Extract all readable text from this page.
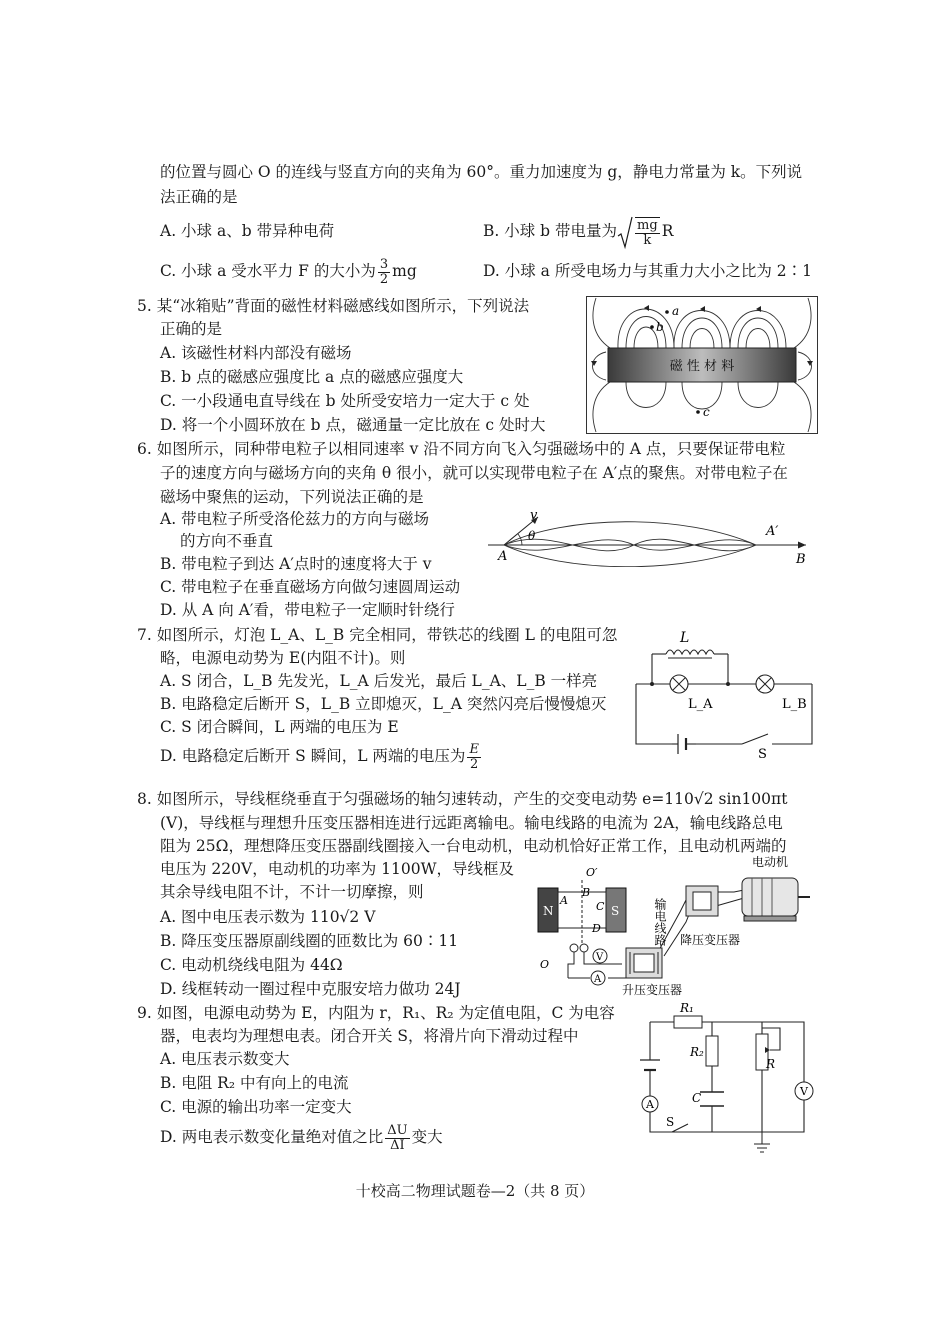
的位置与圆心 O 的连线与竖直方向的夹角为 60°。重力加速度为 g，静电力常量为 k。下列说
法正确的是
A. 小球 a、b 带异种电荷	B. 小球 b 带电量为 $\frac{mg}{k}$ R
C. 小球 a 受水平力 F 的大小为 $\frac{3}{2}$ mg	D. 小球 a 所受电场力与其重力大小之比为 2∶1
5. 某“冰箱贴”背面的磁性材料磁感线如图所示，下列说法
正确的是
A. 该磁性材料内部没有磁场
B. b 点的磁感应强度比 a 点的磁感应强度大
C. 一小段通电直导线在 b 处所受安培力一定大于 c 处
D. 将一个小圆环放在 b 点，磁通量一定比放在 c 处时大
磁 性 材 料
a
b
c
6. 如图所示，同种带电粒子以相同速率 v 沿不同方向飞入匀强磁场中的 A 点，只要保证带电粒
子的速度方向与磁场方向的夹角 θ 很小，就可以实现带电粒子在 A′点的聚焦。对带电粒子在
磁场中聚焦的运动，下列说法正确的是
A. 带电粒子所受洛伦兹力的方向与磁场
的方向不垂直
B. 带电粒子到达 A′点时的速度将大于 v
C. 带电粒子在垂直磁场方向做匀速圆周运动
D. 从 A 向 A′看，带电粒子一定顺时针绕行
v
θ
A
A′
B
7. 如图所示，灯泡 L_A、L_B 完全相同，带铁芯的线圈 L 的电阻可忽
略，电源电动势为 E(内阻不计)。则
A. S 闭合，L_B 先发光，L_A 后发光，最后 L_A、L_B 一样亮
B. 电路稳定后断开 S，L_B 立即熄灭，L_A 突然闪亮后慢慢熄灭
C. S 闭合瞬间，L 两端的电压为 E
D. 电路稳定后断开 S 瞬间，L 两端的电压为 $\frac{E}{2}$
L
L_A	L_B
S
8. 如图所示，导线框绕垂直于匀强磁场的轴匀速转动，产生的交变电动势 e=110√2 sin100πt
(V)，导线框与理想升压变压器相连进行远距离输电。输电线路的电流为 2A，输电线路总电
阻为 25Ω，理想降压变压器副线圈接入一台电动机，电动机恰好正常工作，且电动机两端的
电压为 220V，电动机的功率为 1100W，导线框及
其余导线电阻不计，不计一切摩擦，则
A. 图中电压表示数为 110√2 V
B. 降压变压器原副线圈的匝数比为 60∶11
C. 电动机绕线电阻为 44Ω
D. 线框转动一圈过程中克服安培力做功 24J
N	S
A
B
C
D
O′
O
A
V
电动机
输电线路 降压变压器
升压变压器
9. 如图，电源电动势为 E，内阻为 r，R₁、R₂ 为定值电阻，C 为电容
器，电表均为理想电表。闭合开关 S，将滑片向下滑动过程中
A. 电压表示数变大
B. 电阻 R₂ 中有向上的电流
C. 电源的输出功率一定变大
D. 两电表示数变化量绝对值之比 $\frac{\Delta U}{\Delta I}$ 变大
A
V
R₁
R₂
C
R
S
十校高二物理试题卷—2（共 8 页）
